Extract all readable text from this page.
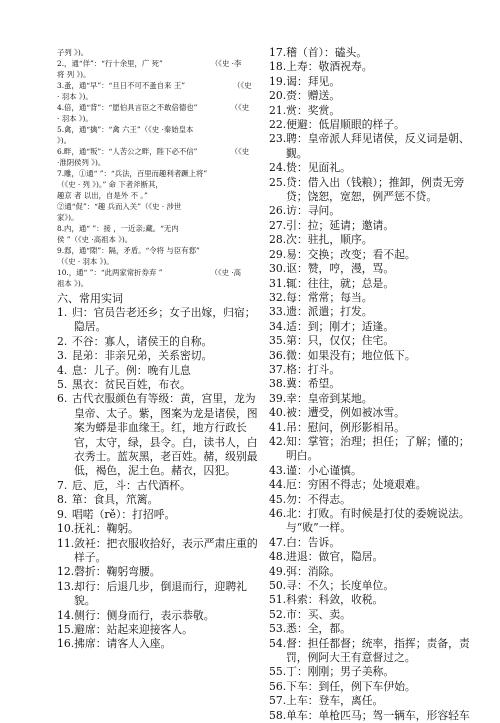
子列 》)。
2.，通“佯”：“行十余里，广 死”　　　　　　　（《史 ·李
将 列 》)。
3.蚤，通“早”：“旦日不可不蚤自来 王”　　　　　　　（《史
· 羽本 》)。
4.倍，通“背”：“愿伯具言臣之不敢倍德也”　　　　　（《史
· 羽本 》)。
5.禽，通“擒”：“禽 六王”（《史 ·秦始皇本
》)。
6.畔，通“叛”：“人苦公之畔，陛下必不信”　　　　　（《史
·淮阴侯列 》)。
7.雕，①通“ ”：“兵法，百里而趣利者蹶上将”
（《史 · 列 》)。” 命 下者斧断其，
趣京 者 以出，自是外 不 。”
②通“促”：“趣 兵而入关”（《史 · 涉世
家》)。
8.内，通“ ”：接 ，一近亲;藏。“无内
侯 ”（《史 ·高祖本 》)。
9.郄，通“隙”：隔，矛盾。“令将 与臣有郄”
（《史 · 羽本 》)。
10.，通“ ”：“此两家常折券弃 ”　　　　　　　（《史 ·高
祖本 》)。
六、常用实词
1. 归：官员告老还乡；女子出嫁，归宿；
隐居。
2. 不谷：寡人，诸侯王的自称。
3. 昆弟：非亲兄弟，关系密切。
4. 息：儿子。例：晚有儿息
5. 黑衣：贫民百姓，布衣。
6. 古代衣服颜色有等级：黄，宫里，龙为
皇帝、太子。紫，图案为龙是诸侯，图
案为蟒是非血缘王。红，地方行政长
官，太守，绿，县令。白，读书人，白
衣秀士。蓝灰黑，老百姓。赭，级别最
低，褐色，泥土色。赭衣，囚犯。
7. 卮、卮，斗：古代酒杯。
8. 箪：食具，笊篱。
9. 唱喏（rě）：打招呼。
10.抚礼：鞠躬。
11.敛衽：把衣服收拾好，表示严肃庄重的
样子。
12.磬折：鞠躬弯腰。
13.却行：后退几步，倒退而行，迎聘礼
貌。
14.侧行：侧身而行，表示恭敬。
15.避席：站起来迎接客人。
16.拂席：请客人入座。
17.稽（首）：磕头。
18.上寿：敬酒祝寿。
19.谒：拜见。
20.赍：赠送。
21.赏：奖赏。
22.便避：低眉顺眼的样子。
23.聘：皇帝派人拜见诸侯，反义词是朝、
觐。
24.贽：见面礼。
25.贷：借入出（钱粮）；推卸，例责无旁
贷；饶恕，宽恕，例严惩不贷。
26.访：寻问。
27.引：拉；延请；邀请。
28.次：驻扎，顺序。
29.易：交换；改变；看不起。
30.讴：赞，哼，漫，骂。
31.辄：往往，就；总是。
32.每：常常；每当。
33.遗：派遣；打发。
34.适：到；刚才；适逢。
35.第：只，仅仅；住宅。
36.微：如果没有；地位低下。
37.格：打斗。
38.冀：希望。
39.幸：皇帝到某地。
40.被：遭受，例如被冰雪。
41.吊：慰问，例形影相吊。
42.知：掌管；治理；担任；了解；懂的；
明白。
43.谨：小心谨慎。
44.厄：穷困不得志；处境艰难。
45.勿：不得志。
46.北：打败。有时候是打仗的委婉说法。
与“败”一样。
47.白：告诉。
48.进退：做官，隐居。
49.弭：消除。
50.寻：不久；长度单位。
51.科索：科敛，收税。
52.市：买、卖。
53.悉：全，都。
54.督：担任都督；统率，指挥；责备，责
罚，例阿大王有意督过之。
55.丁：刚刚；男子美称。
56.下车：到任，例下车伊始。
57.上车：登车，离任。
58.单车：单枪匹马；驾一辆车，形容轻车
